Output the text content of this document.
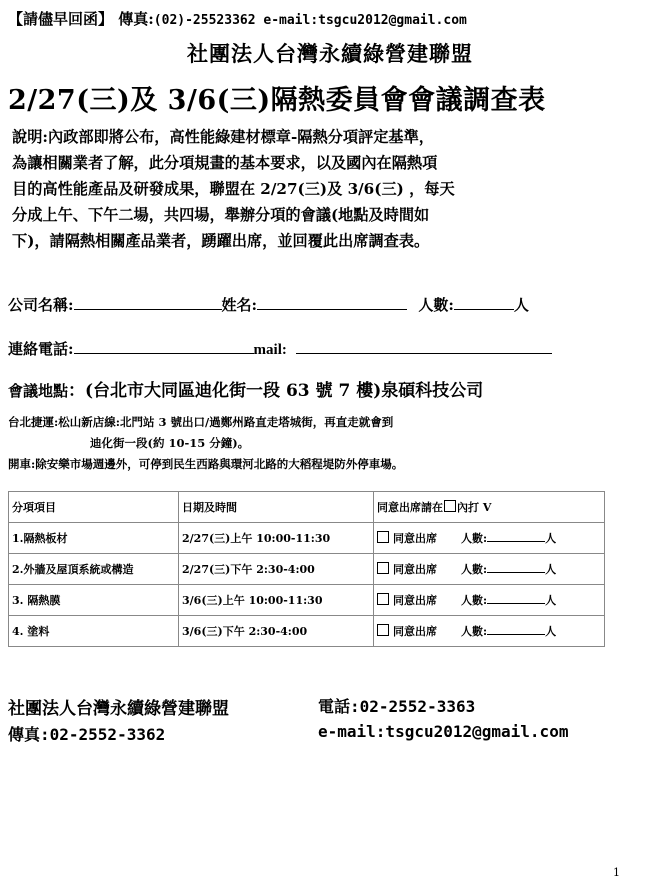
【請儘早回函】 傳真:(02)-25523362 e-mail:tsgcu2012@gmail.com
社團法人台灣永續綠營建聯盟
2/27(三)及 3/6(三)隔熱委員會會議調查表
說明:內政部即將公布，高性能綠建材標章-隔熱分項評定基準，
為讓相關業者了解，此分項規畫的基本要求，以及國內在隔熱項
目的高性能產品及研發成果，聯盟在 2/27(三)及 3/6(三) ，每天
分成上午、下午二場，共四場，舉辦分項的會議(地點及時間如
下)，請隔熱相關產品業者，踴躍出席，並回覆此出席調查表。
公司名稱:	姓名:	人數:	人
連絡電話:	mail:
會議地點：(台北市大同區迪化街一段 63 號 7 樓)泉碩科技公司
台北捷運:松山新店線:北門站 3 號出口/過鄭州路直走塔城街，再直走就會到
迪化街一段(約 10-15 分鐘)。
開車:除安樂市場週邊外，可停到民生西路與環河北路的大稻程堤防外停車場。
分項項目	日期及時間	同意出席請在 內打 V
1.隔熱板材	2/27(三)上午 10:00-11:30	同意出席 人數: 人
2.外牆及屋頂系統或構造	2/27(三)下午 2:30-4:00	同意出席 人數: 人
3. 隔熱膜	3/6(三)上午 10:00-11:30	同意出席 人數: 人
4. 塗料	3/6(三)下午 2:30-4:00	同意出席 人數: 人
社團法人台灣永續綠營建聯盟	電話:02-2552-3363
傳真:02-2552-3362	e-mail:tsgcu2012@gmail.com
1
